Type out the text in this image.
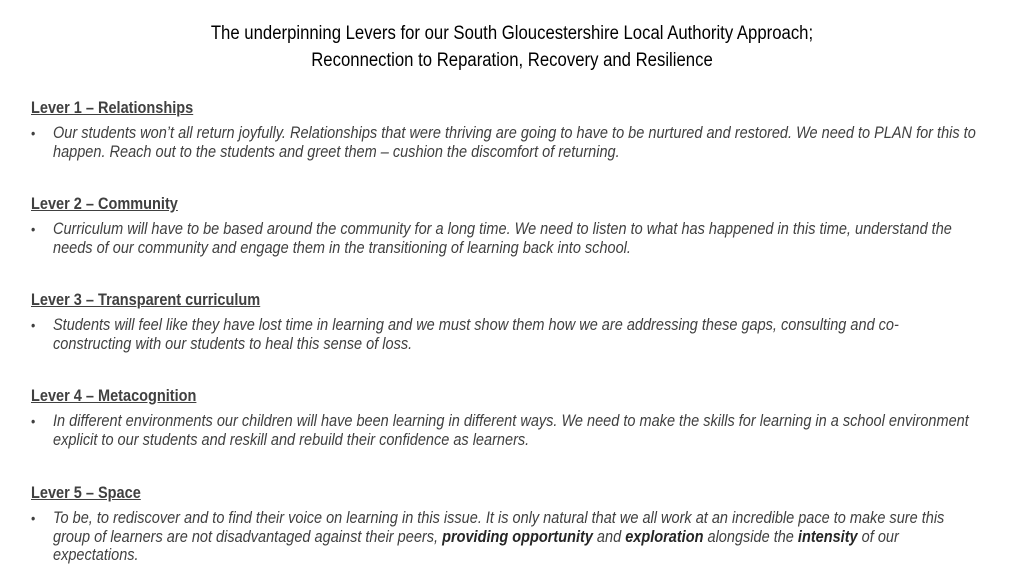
The underpinning Levers for our South Gloucestershire Local Authority Approach;
Reconnection to Reparation, Recovery and Resilience
Lever 1 – Relationships
• Our students won’t all return joyfully. Relationships that were thriving are going to have to be nurtured and restored. We need to PLAN for this to happen. Reach out to the students and greet them – cushion the discomfort of returning.
Lever 2 – Community
• Curriculum will have to be based around the community for a long time. We need to listen to what has happened in this time, understand the needs of our community and engage them in the transitioning of learning back into school.
Lever 3 – Transparent curriculum
• Students will feel like they have lost time in learning and we must show them how we are addressing these gaps, consulting and co-constructing with our students to heal this sense of loss.
Lever 4 – Metacognition
• In different environments our children will have been learning in different ways. We need to make the skills for learning in a school environment explicit to our students and reskill and rebuild their confidence as learners.
Lever 5 – Space
• To be, to rediscover and to find their voice on learning in this issue. It is only natural that we all work at an incredible pace to make sure this group of learners are not disadvantaged against their peers, providing opportunity and exploration alongside the intensity of our expectations.
